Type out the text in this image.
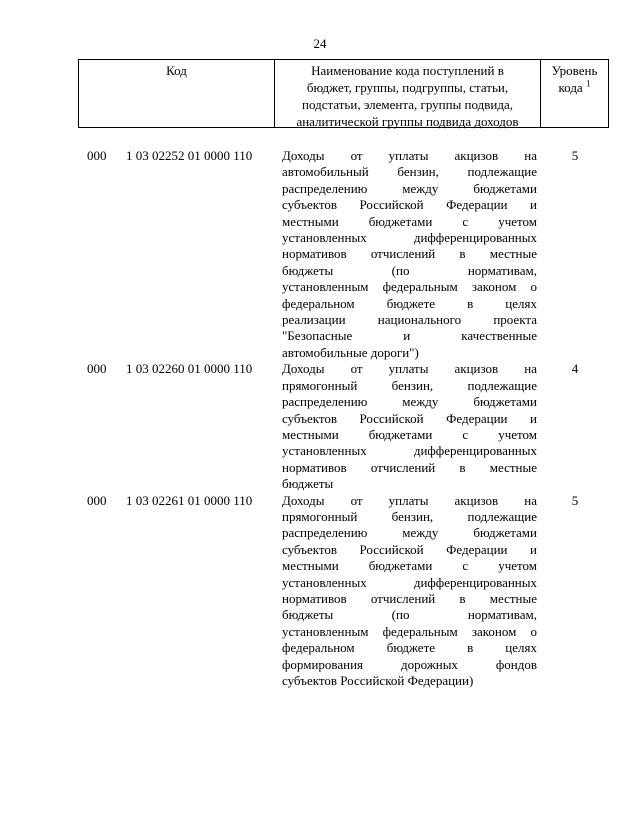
24
Код	Наименование кода поступлений в
бюджет, группы, подгруппы, статьи,
подстатьи, элемента, группы подвида,
аналитической группы подвида доходов
Уровень
кода $^1$
000	1 03 02252 01 0000 110	Доходы от уплаты акцизов на
автомобильный бензин, подлежащие
распределению между бюджетами
субъектов Российской Федерации и
местными бюджетами с учетом
установленных дифференцированных
нормативов отчислений в местные
бюджеты (по нормативам,
установленным федеральным законом о
федеральном бюджете в целях
реализации национального проекта
"Безопасные и качественные
автомобильные дороги")
5
000	1 03 02260 01 0000 110	Доходы от уплаты акцизов на
прямогонный бензин, подлежащие
распределению между бюджетами
субъектов Российской Федерации и
местными бюджетами с учетом
установленных дифференцированных
нормативов отчислений в местные
бюджеты
4
000	1 03 02261 01 0000 110	Доходы от уплаты акцизов на
прямогонный бензин, подлежащие
распределению между бюджетами
субъектов Российской Федерации и
местными бюджетами с учетом
установленных дифференцированных
нормативов отчислений в местные
бюджеты (по нормативам,
установленным федеральным законом о
федеральном бюджете в целях
формирования дорожных фондов
субъектов Российской Федерации)
5
